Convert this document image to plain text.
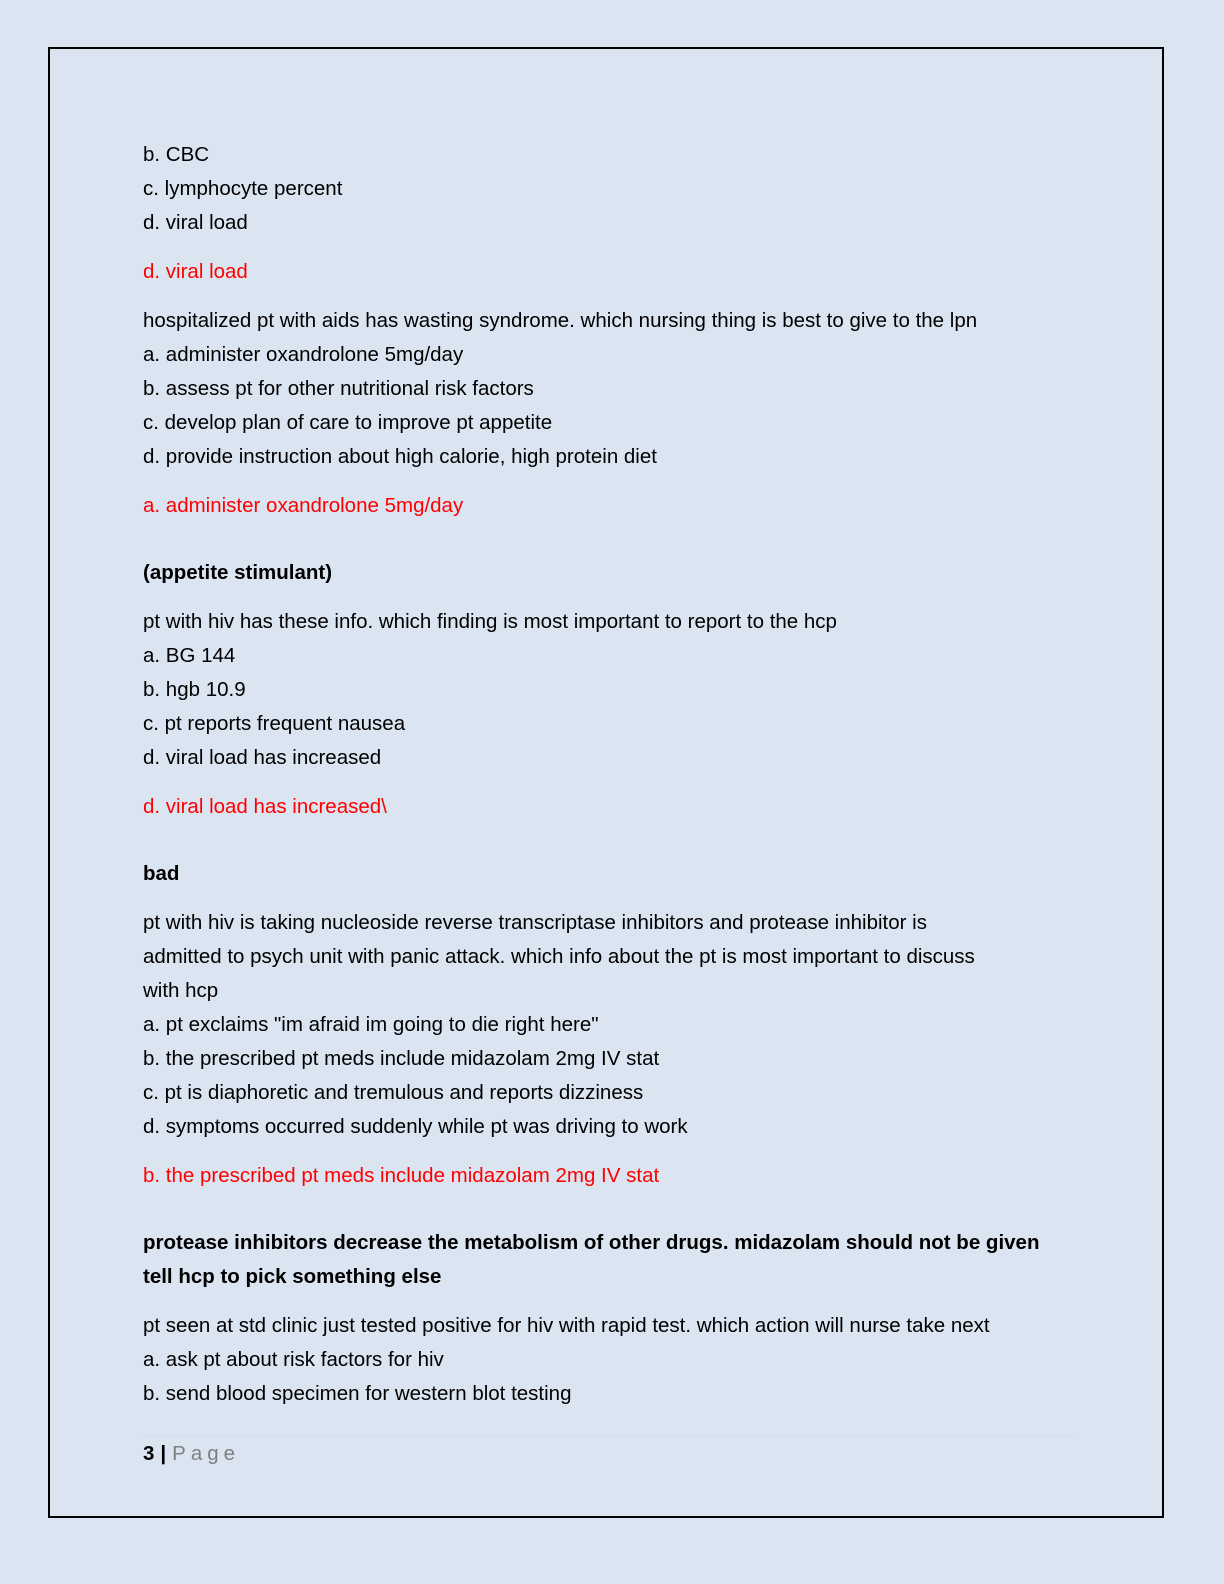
b. CBC
c. lymphocyte percent
d. viral load
d. viral load
hospitalized pt with aids has wasting syndrome. which nursing thing is best to give to the lpn
a. administer oxandrolone 5mg/day
b. assess pt for other nutritional risk factors
c. develop plan of care to improve pt appetite
d. provide instruction about high calorie, high protein diet
a. administer oxandrolone 5mg/day
(appetite stimulant)
pt with hiv has these info. which finding is most important to report to the hcp
a. BG 144
b. hgb 10.9
c. pt reports frequent nausea
d. viral load has increased
d. viral load has increased\
bad
pt with hiv is taking nucleoside reverse transcriptase inhibitors and protease inhibitor is
admitted to psych unit with panic attack. which info about the pt is most important to discuss
with hcp
a. pt exclaims "im afraid im going to die right here"
b. the prescribed pt meds include midazolam 2mg IV stat
c. pt is diaphoretic and tremulous and reports dizziness
d. symptoms occurred suddenly while pt was driving to work
b. the prescribed pt meds include midazolam 2mg IV stat
protease inhibitors decrease the metabolism of other drugs. midazolam should not be given tell hcp to pick something else
pt seen at std clinic just tested positive for hiv with rapid test. which action will nurse take next
a. ask pt about risk factors for hiv
b. send blood specimen for western blot testing
3 | Page
